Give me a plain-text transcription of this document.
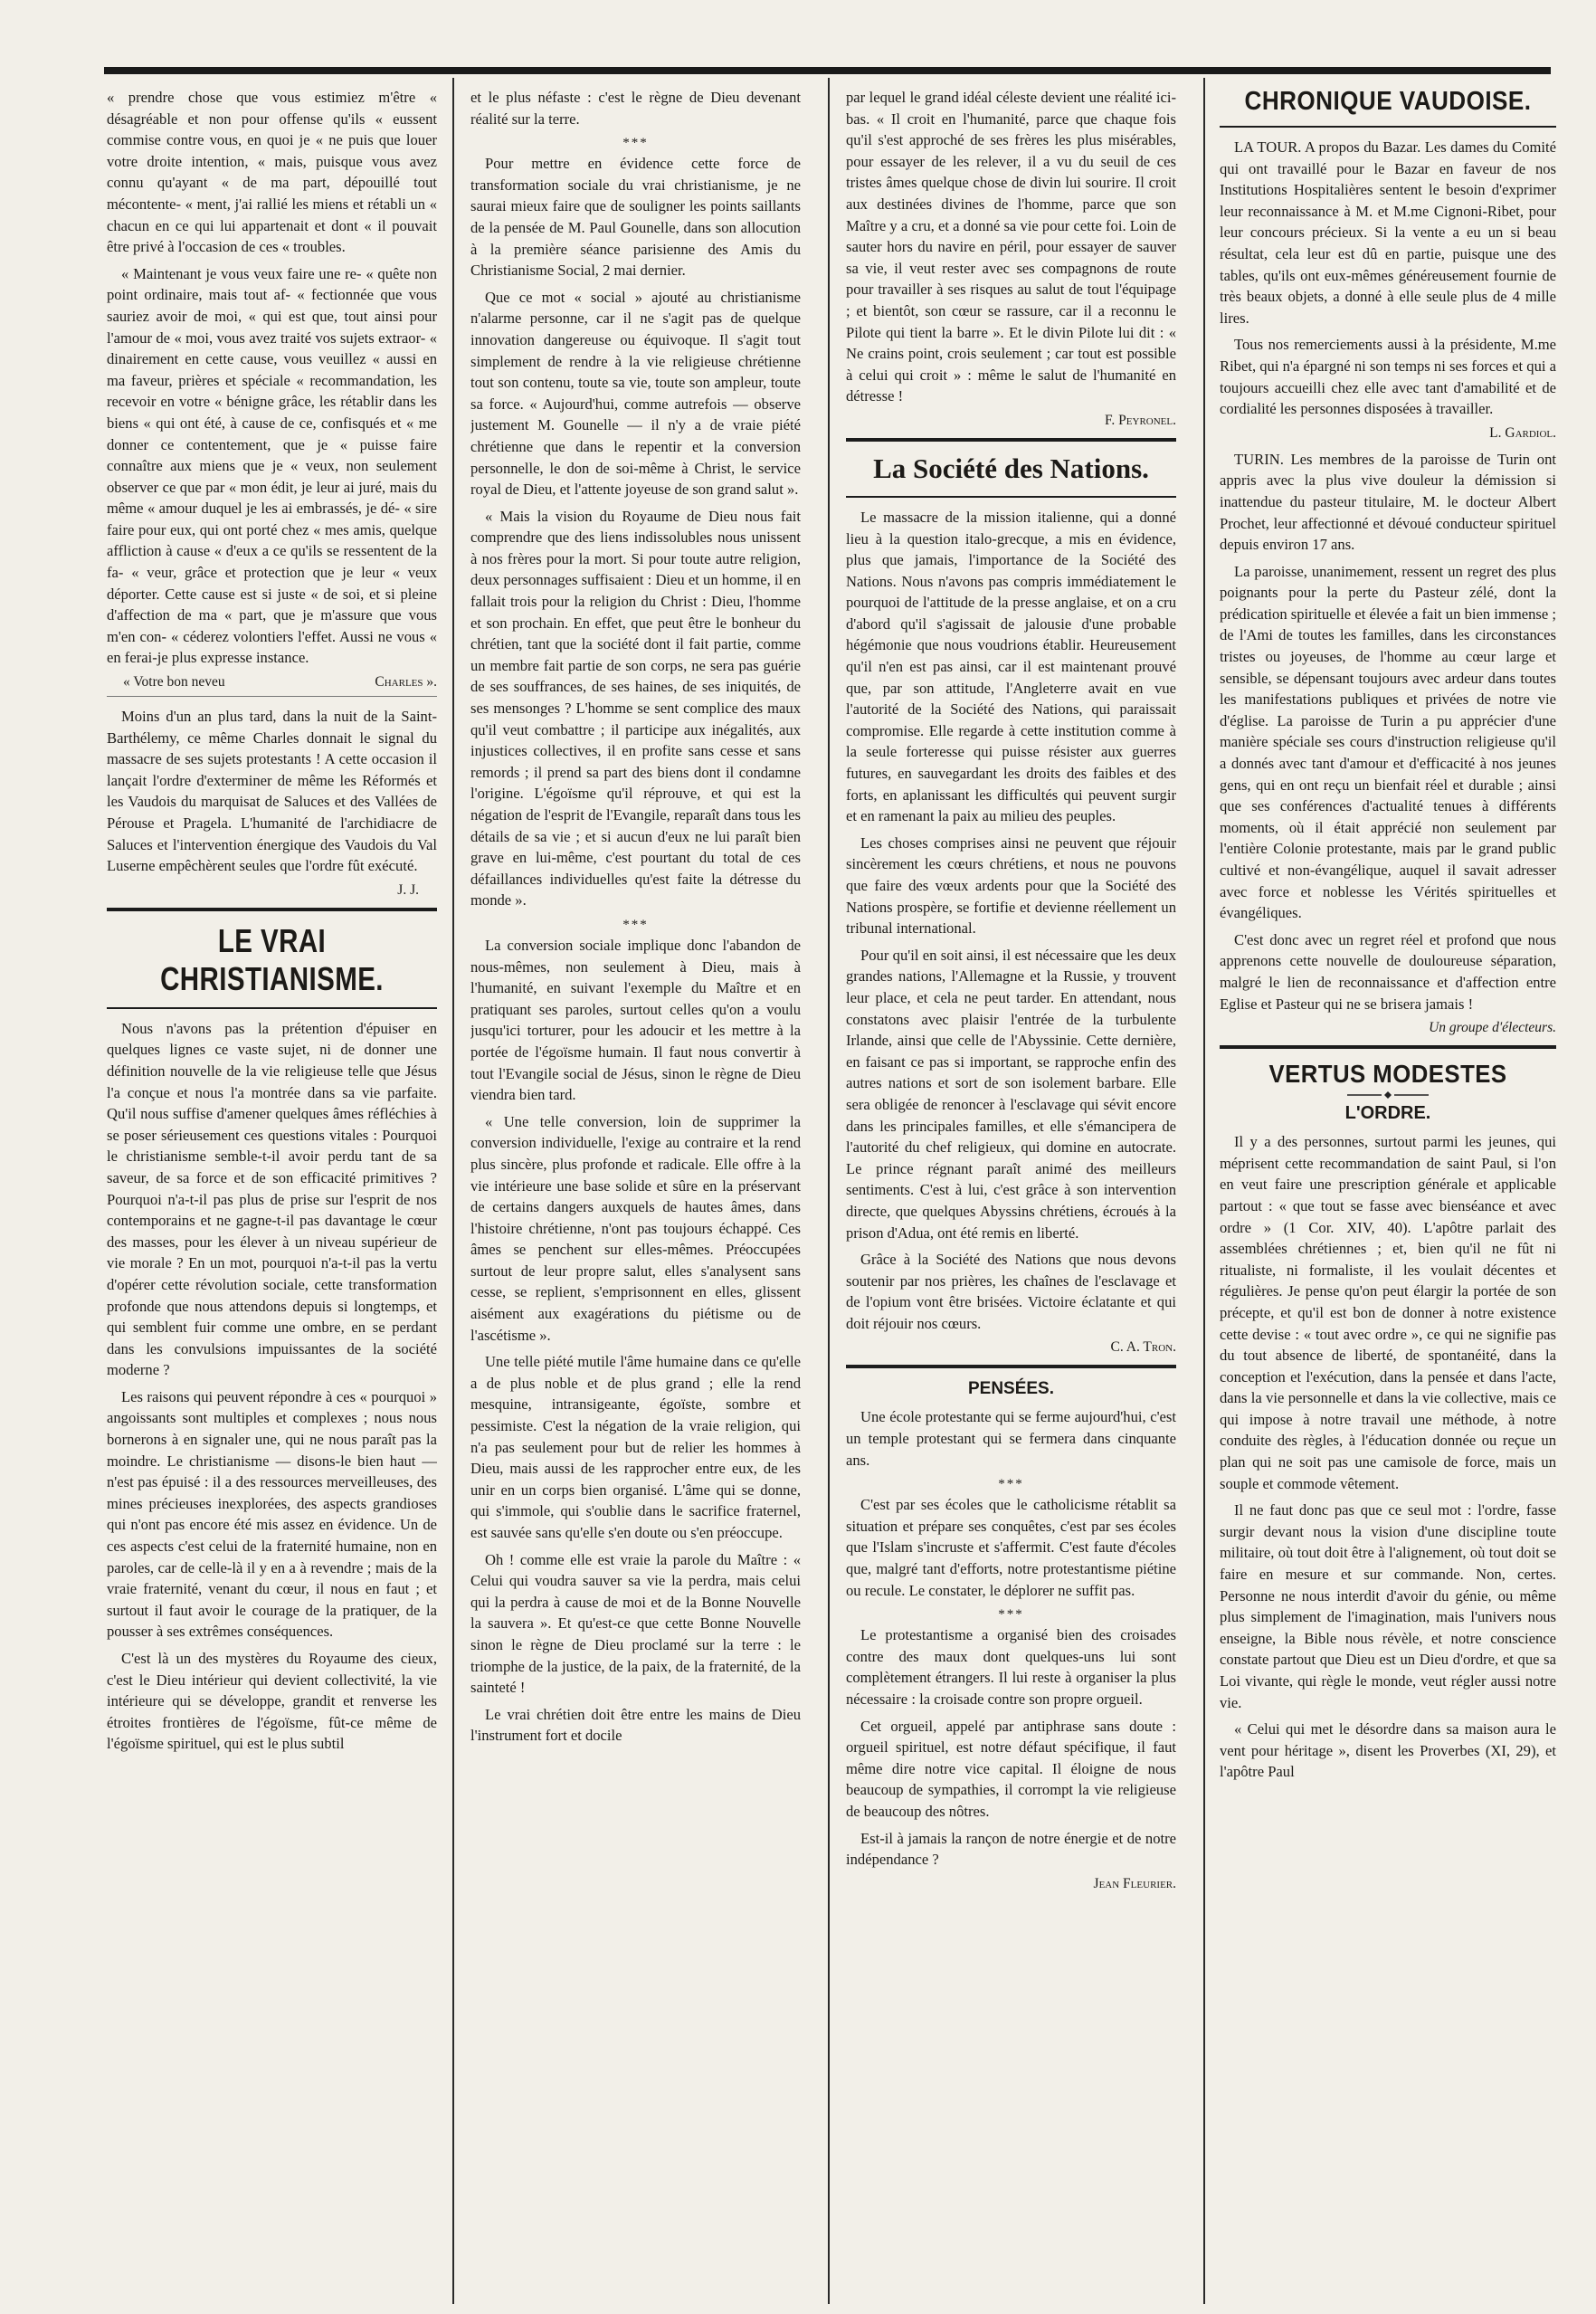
« prendre chose que vous estimiez m'être « désagréable et non pour offense qu'ils « eussent commise contre vous, en quoi je « ne puis que louer votre droite intention, « mais, puisque vous avez connu qu'ayant « de ma part, dépouillé tout mécontente- « ment, j'ai rallié les miens et rétabli un « chacun en ce qui lui appartenait et dont « il pouvait être privé à l'occasion de ces « troubles.

« Maintenant je vous veux faire une re- « quête non point ordinaire, mais tout af- « fectionnée que vous sauriez avoir de moi, « qui est que, tout ainsi pour l'amour de « moi, vous avez traité vos sujets extraor- « dinairement en cette cause, vous veuillez « aussi en ma faveur, prières et spéciale « recommandation, les recevoir en votre « bénigne grâce, les rétablir dans les biens « qui ont été, à cause de ce, confisqués et « me donner ce contentement, que je « puisse faire connaître aux miens que je « veux, non seulement observer ce que par « mon édit, je leur ai juré, mais du même « amour duquel je les ai embrassés, je dé- « sire faire pour eux, qui ont porté chez « mes amis, quelque affliction à cause « d'eux a ce qu'ils se ressentent de la fa- « veur, grâce et protection que je leur « veux déporter. Cette cause est si juste « de soi, et si pleine d'affection de ma « part, que je m'assure que vous m'en con- « céderez volontiers l'effet. Aussi ne vous « en ferai-je plus expresse instance.

« Votre bon neveu	Charles ».

Moins d'un an plus tard, dans la nuit de la Saint-Barthélemy, ce même Charles donnait le signal du massacre de ses sujets protestants ! A cette occasion il lançait l'ordre d'exterminer de même les Réformés et les Vaudois du marquisat de Saluces et des Vallées de Pérouse et Pragela. L'humanité de l'archidiacre de Saluces et l'intervention énergique des Vaudois du Val Luserne empêchèrent seules que l'ordre fût exécuté.

J. J.
LE VRAI CHRISTIANISME.

Nous n'avons pas la prétention d'épuiser en quelques lignes ce vaste sujet, ni de donner une définition nouvelle de la vie religieuse telle que Jésus l'a conçue et nous l'a montrée dans sa vie parfaite. Qu'il nous suffise d'amener quelques âmes réfléchies à se poser sérieusement ces questions vitales : Pourquoi le christianisme semble-t-il avoir perdu tant de sa saveur, de sa force et de son efficacité primitives ? Pourquoi n'a-t-il pas plus de prise sur l'esprit de nos contemporains et ne gagne-t-il pas davantage le cœur des masses, pour les élever à un niveau supérieur de vie morale ? En un mot, pourquoi n'a-t-il pas la vertu d'opérer cette révolution sociale, cette transformation profonde que nous attendons depuis si longtemps, et qui semblent fuir comme une ombre, en se perdant dans les convulsions impuissantes de la société moderne ?

Les raisons qui peuvent répondre à ces « pourquoi » angoissants sont multiples et complexes ; nous nous bornerons à en signaler une, qui ne nous paraît pas la moindre. Le christianisme — disons-le bien haut — n'est pas épuisé : il a des ressources merveilleuses, des mines précieuses inexplorées, des aspects grandioses qui n'ont pas encore été mis assez en évidence. Un de ces aspects c'est celui de la fraternité humaine, non en paroles, car de celle-là il y en a à revendre ; mais de la vraie fraternité, venant du cœur, il nous en faut ; et surtout il faut avoir le courage de la pratiquer, de la pousser à ses extrêmes conséquences.

C'est là un des mystères du Royaume des cieux, c'est le Dieu intérieur qui devient collectivité, la vie intérieure qui se développe, grandit et renverse les étroites frontières de l'égoïsme, fût-ce même de l'égoïsme spirituel, qui est le plus subtil

et le plus néfaste : c'est le règne de Dieu devenant réalité sur la terre.

***

Pour mettre en évidence cette force de transformation sociale du vrai christianisme, je ne saurai mieux faire que de souligner les points saillants de la pensée de M. Paul Gounelle, dans son allocution à la première séance parisienne des Amis du Christianisme Social, 2 mai dernier.

Que ce mot « social » ajouté au christianisme n'alarme personne, car il ne s'agit pas de quelque innovation dangereuse ou équivoque. Il s'agit tout simplement de rendre à la vie religieuse chrétienne tout son contenu, toute sa vie, toute son ampleur, toute sa force. « Aujourd'hui, comme autrefois — observe justement M. Gounelle — il n'y a de vraie piété chrétienne que dans le repentir et la conversion personnelle, le don de soi-même à Christ, le service royal de Dieu, et l'attente joyeuse de son grand salut ».

« Mais la vision du Royaume de Dieu nous fait comprendre que des liens indissolubles nous unissent à nos frères pour la mort. Si pour toute autre religion, deux personnages suffisaient : Dieu et un homme, il en fallait trois pour la religion du Christ : Dieu, l'homme et son prochain. En effet, que peut être le bonheur du chrétien, tant que la société dont il fait partie, comme un membre fait partie de son corps, ne sera pas guérie de ses souffrances, de ses haines, de ses iniquités, de ses mensonges ? L'homme se sent complice des maux qu'il veut combattre ; il participe aux inégalités, aux injustices collectives, il en profite sans cesse et sans remords ; il prend sa part des biens dont il condamne l'origine. L'égoïsme qu'il réprouve, et qui est la négation de l'esprit de l'Evangile, reparaît dans tous les détails de sa vie ; et si aucun d'eux ne lui paraît bien grave en lui-même, c'est pourtant du total de ces défaillances individuelles qu'est faite la détresse du monde ».

***

La conversion sociale implique donc l'abandon de nous-mêmes, non seulement à Dieu, mais à l'humanité, en suivant l'exemple du Maître et en pratiquant ses paroles, surtout celles qu'on a voulu jusqu'ici torturer, pour les adoucir et les mettre à la portée de l'égoïsme humain. Il faut nous convertir à tout l'Evangile social de Jésus, sinon le règne de Dieu viendra bien tard.

« Une telle conversion, loin de supprimer la conversion individuelle, l'exige au contraire et la rend plus sincère, plus profonde et radicale. Elle offre à la vie intérieure une base solide et sûre en la préservant de certains dangers auxquels de hautes âmes, dans l'histoire chrétienne, n'ont pas toujours échappé. Ces âmes se penchent sur elles-mêmes. Préoccupées surtout de leur propre salut, elles s'analysent sans cesse, se replient, s'emprisonnent en elles, glissent aisément aux exagérations du piétisme ou de l'ascétisme ».

Une telle piété mutile l'âme humaine dans ce qu'elle a de plus noble et de plus grand ; elle la rend mesquine, intransigeante, égoïste, sombre et pessimiste. C'est la négation de la vraie religion, qui n'a pas seulement pour but de relier les hommes à Dieu, mais aussi de les rapprocher entre eux, de les unir en un corps bien organisé. L'âme qui se donne, qui s'immole, qui s'oublie dans le sacrifice fraternel, est sauvée sans qu'elle s'en doute ou s'en préoccupe.

Oh ! comme elle est vraie la parole du Maître : « Celui qui voudra sauver sa vie la perdra, mais celui qui la perdra à cause de moi et de la Bonne Nouvelle la sauvera ». Et qu'est-ce que cette Bonne Nouvelle sinon le règne de Dieu proclamé sur la terre : le triomphe de la justice, de la paix, de la fraternité, de la sainteté !

Le vrai chrétien doit être entre les mains de Dieu l'instrument fort et docile

par lequel le grand idéal céleste devient une réalité ici-bas. « Il croit en l'humanité, parce que chaque fois qu'il s'est approché de ses frères les plus misérables, pour essayer de les relever, il a vu du seuil de ces tristes âmes quelque chose de divin lui sourire. Il croit aux destinées divines de l'homme, parce que son Maître y a cru, et a donné sa vie pour cette foi. Loin de sauter hors du navire en péril, pour essayer de sauver sa vie, il veut rester avec ses compagnons de route pour travailler à ses risques au salut de tout l'équipage ; et bientôt, son cœur se rassure, car il a reconnu le Pilote qui tient la barre ». Et le divin Pilote lui dit : « Ne crains point, crois seulement ; car tout est possible à celui qui croit » : même le salut de l'humanité en détresse !

F. Peyronel.
La Société des Nations.

Le massacre de la mission italienne, qui a donné lieu à la question italo-grecque, a mis en évidence, plus que jamais, l'importance de la Société des Nations. Nous n'avons pas compris immédiatement le pourquoi de l'attitude de la presse anglaise, et on a cru d'abord qu'il s'agissait de jalousie d'une probable hégémonie que nous voudrions établir. Heureusement qu'il n'en est pas ainsi, car il est maintenant prouvé que, par son attitude, l'Angleterre avait en vue l'autorité de la Société des Nations, qui paraissait compromise. Elle regarde à cette institution comme à la seule forteresse qui puisse résister aux guerres futures, en sauvegardant les droits des faibles et des forts, en aplanissant les difficultés qui peuvent surgir et en ramenant la paix au milieu des peuples.

Les choses comprises ainsi ne peuvent que réjouir sincèrement les cœurs chrétiens, et nous ne pouvons que faire des vœux ardents pour que la Société des Nations prospère, se fortifie et devienne réellement un tribunal international.

Pour qu'il en soit ainsi, il est nécessaire que les deux grandes nations, l'Allemagne et la Russie, y trouvent leur place, et cela ne peut tarder. En attendant, nous constatons avec plaisir l'entrée de la turbulente Irlande, ainsi que celle de l'Abyssinie. Cette dernière, en faisant ce pas si important, se rapproche enfin des autres nations et sort de son isolement barbare. Elle sera obligée de renoncer à l'esclavage qui sévit encore dans les principales familles, et elle s'émancipera de l'autorité du chef religieux, qui domine en autocrate. Le prince régnant paraît animé des meilleurs sentiments. C'est à lui, c'est grâce à son intervention directe, que quelques Abyssins chrétiens, écroués à la prison d'Adua, ont été remis en liberté.

Grâce à la Société des Nations que nous devons soutenir par nos prières, les chaînes de l'esclavage et de l'opium vont être brisées. Victoire éclatante et qui doit réjouir nos cœurs.

C. A. Tron.
PENSÉES.

Une école protestante qui se ferme aujourd'hui, c'est un temple protestant qui se fermera dans cinquante ans.

***

C'est par ses écoles que le catholicisme rétablit sa situation et prépare ses conquêtes, c'est par ses écoles que l'Islam s'incruste et s'affermit. C'est faute d'écoles que, malgré tant d'efforts, notre protestantisme piétine ou recule. Le constater, le déplorer ne suffit pas.

***

Le protestantisme a organisé bien des croisades contre des maux dont quelques-uns lui sont complètement étrangers. Il lui reste à organiser la plus nécessaire : la croisade contre son propre orgueil.

Cet orgueil, appelé par antiphrase sans doute : orgueil spirituel, est notre défaut spécifique, il faut même dire notre vice capital. Il éloigne de nous beaucoup de sympathies, il corrompt la vie religieuse de beaucoup des nôtres.

Est-il à jamais la rançon de notre énergie et de notre indépendance ?

Jean Fleurier.
CHRONIQUE VAUDOISE.

LA TOUR. A propos du Bazar. Les dames du Comité qui ont travaillé pour le Bazar en faveur de nos Institutions Hospitalières sentent le besoin d'exprimer leur reconnaissance à M. et M.me Cignoni-Ribet, pour leur concours précieux. Si la vente a eu un si beau résultat, cela leur est dû en partie, puisque une des tables, qu'ils ont eux-mêmes généreusement fournie de très beaux objets, a donné à elle seule plus de 4 mille lires.

Tous nos remerciements aussi à la présidente, M.me Ribet, qui n'a épargné ni son temps ni ses forces et qui a toujours accueilli chez elle avec tant d'amabilité et de cordialité les personnes disposées à travailler.

L. Gardiol.

TURIN. Les membres de la paroisse de Turin ont appris avec la plus vive douleur la démission si inattendue du pasteur titulaire, M. le docteur Albert Prochet, leur affectionné et dévoué conducteur spirituel depuis environ 17 ans.

La paroisse, unanimement, ressent un regret des plus poignants pour la perte du Pasteur zélé, dont la prédication spirituelle et élevée a fait un bien immense ; de l'Ami de toutes les familles, dans les circonstances tristes ou joyeuses, de l'homme au cœur large et sensible, se dépensant toujours avec ardeur dans toutes les manifestations publiques et privées de notre vie d'église. La paroisse de Turin a pu apprécier d'une manière spéciale ses cours d'instruction religieuse qu'il a donnés avec tant d'amour et d'efficacité à nos jeunes gens, qui en ont reçu un bienfait réel et durable ; ainsi que ses conférences d'actualité tenues à différents moments, où il était apprécié non seulement par l'entière Colonie protestante, mais par le grand public cultivé et non-évangélique, auquel il savait adresser avec force et noblesse les Vérités spirituelles et évangéliques.

C'est donc avec un regret réel et profond que nous apprenons cette nouvelle de douloureuse séparation, malgré le lien de reconnaissance et d'affection entre Eglise et Pasteur qui ne se brisera jamais !

Un groupe d'électeurs.
VERTUS MODESTES
L'ORDRE.

Il y a des personnes, surtout parmi les jeunes, qui méprisent cette recommandation de saint Paul, si l'on en veut faire une prescription générale et applicable partout : « que tout se fasse avec bienséance et avec ordre » (1 Cor. XIV, 40). L'apôtre parlait des assemblées chrétiennes ; et, bien qu'il ne fût ni ritualiste, ni formaliste, il les voulait décentes et régulières. Je pense qu'on peut élargir la portée de son précepte, et qu'il est bon de donner à notre existence cette devise : « tout avec ordre », ce qui ne signifie pas du tout absence de liberté, de spontanéité, dans la conception et l'exécution, dans la pensée et dans l'acte, dans la vie personnelle et dans la vie collective, mais ce qui impose à notre travail une méthode, à notre conduite des règles, à l'éducation donnée ou reçue un plan qui ne soit pas une camisole de force, mais un souple et commode vêtement.

Il ne faut donc pas que ce seul mot : l'ordre, fasse surgir devant nous la vision d'une discipline toute militaire, où tout doit être à l'alignement, où tout doit se faire en mesure et sur commande. Non, certes. Personne ne nous interdit d'avoir du génie, ou même plus simplement de l'imagination, mais l'univers nous enseigne, la Bible nous révèle, et notre conscience constate partout que Dieu est un Dieu d'ordre, et que sa Loi vivante, qui règle le monde, veut régler aussi notre vie.

« Celui qui met le désordre dans sa maison aura le vent pour héritage », disent les Proverbes (XI, 29), et l'apôtre Paul
